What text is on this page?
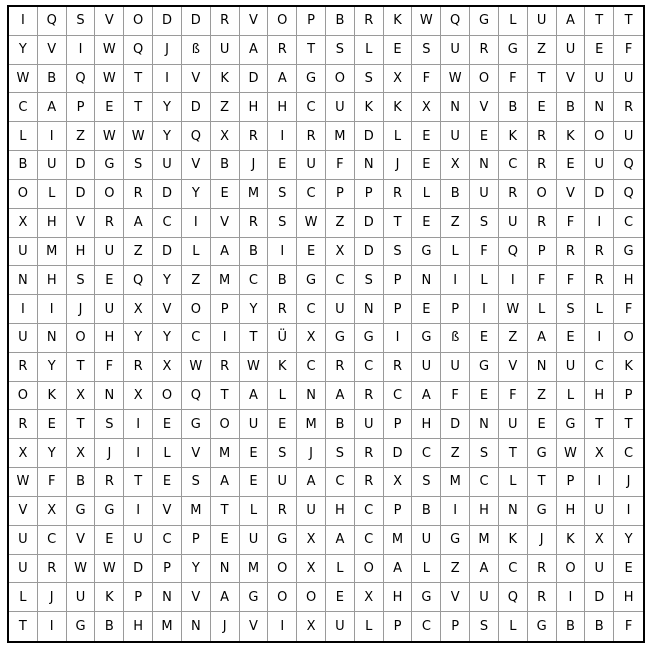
I	Q	S	V	O	D	D	R	V	O	P	B	R	K	W	Q	G	L	U	A	T	T
Y	V	I	W	Q	J	ß	U	A	R	T	S	L	E	S	U	R	G	Z	U	E	F
W	B	Q	W	T	I	V	K	D	A	G	O	S	X	F	W	O	F	T	V	U	U
C	A	P	E	T	Y	D	Z	H	H	C	U	K	K	X	N	V	B	E	B	N	R
L	I	Z	W	W	Y	Q	X	R	I	R	M	D	L	E	U	E	K	R	K	O	U
B	U	D	G	S	U	V	B	J	E	U	F	N	J	E	X	N	C	R	E	U	Q
O	L	D	O	R	D	Y	E	M	S	C	P	P	R	L	B	U	R	O	V	D	Q
X	H	V	R	A	C	I	V	R	S	W	Z	D	T	E	Z	S	U	R	F	I	C
U	M	H	U	Z	D	L	A	B	I	E	X	D	S	G	L	F	Q	P	R	R	G
N	H	S	E	Q	Y	Z	M	C	B	G	C	S	P	N	I	L	I	F	F	R	H
I	I	J	U	X	V	O	P	Y	R	C	U	N	P	E	P	I	W	L	S	L	F
U	N	O	H	Y	Y	C	I	T	Ü	X	G	G	I	G	ß	E	Z	A	E	I	O
R	Y	T	F	R	X	W	R	W	K	C	R	C	R	U	U	G	V	N	U	C	K
O	K	X	N	X	O	Q	T	A	L	N	A	R	C	A	F	E	F	Z	L	H	P
R	E	T	S	I	E	G	O	U	E	M	B	U	P	H	D	N	U	E	G	T	T
X	Y	X	J	I	L	V	M	E	S	J	S	R	D	C	Z	S	T	G	W	X	C
W	F	B	R	T	E	S	A	E	U	A	C	R	X	S	M	C	L	T	P	I	J
V	X	G	G	I	V	M	T	L	R	U	H	C	P	B	I	H	N	G	H	U	I
U	C	V	E	U	C	P	E	U	G	X	A	C	M	U	G	M	K	J	K	X	Y
U	R	W	W	D	P	Y	N	M	O	X	L	O	A	L	Z	A	C	R	O	U	E
L	J	U	K	P	N	V	A	G	O	O	E	X	H	G	V	U	Q	R	I	D	H
T	I	G	B	H	M	N	J	V	I	X	U	L	P	C	P	S	L	G	B	B	F
